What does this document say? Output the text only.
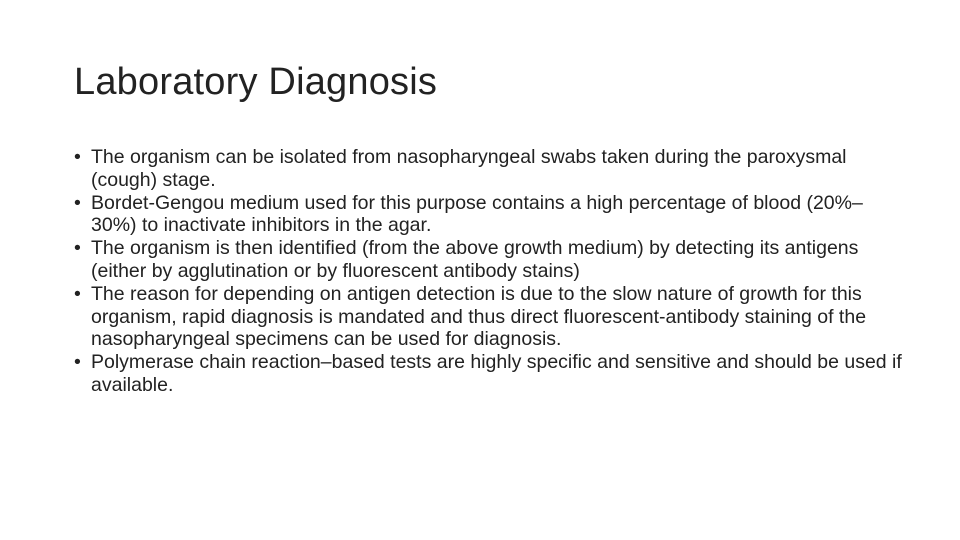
Laboratory Diagnosis
• The organism can be isolated from nasopharyngeal swabs taken during the paroxysmal (cough) stage.
• Bordet-Gengou medium used for this purpose contains a high percentage of blood (20%–30%) to inactivate inhibitors in the agar.
• The organism is then identified (from the above growth medium) by detecting its antigens (either by agglutination or by fluorescent antibody stains)
• The reason for depending on antigen detection is due to the slow nature of growth for this organism, rapid diagnosis is mandated and thus direct fluorescent-antibody staining of the nasopharyngeal specimens can be used for diagnosis.
• Polymerase chain reaction–based tests are highly specific and sensitive and should be used if available.
